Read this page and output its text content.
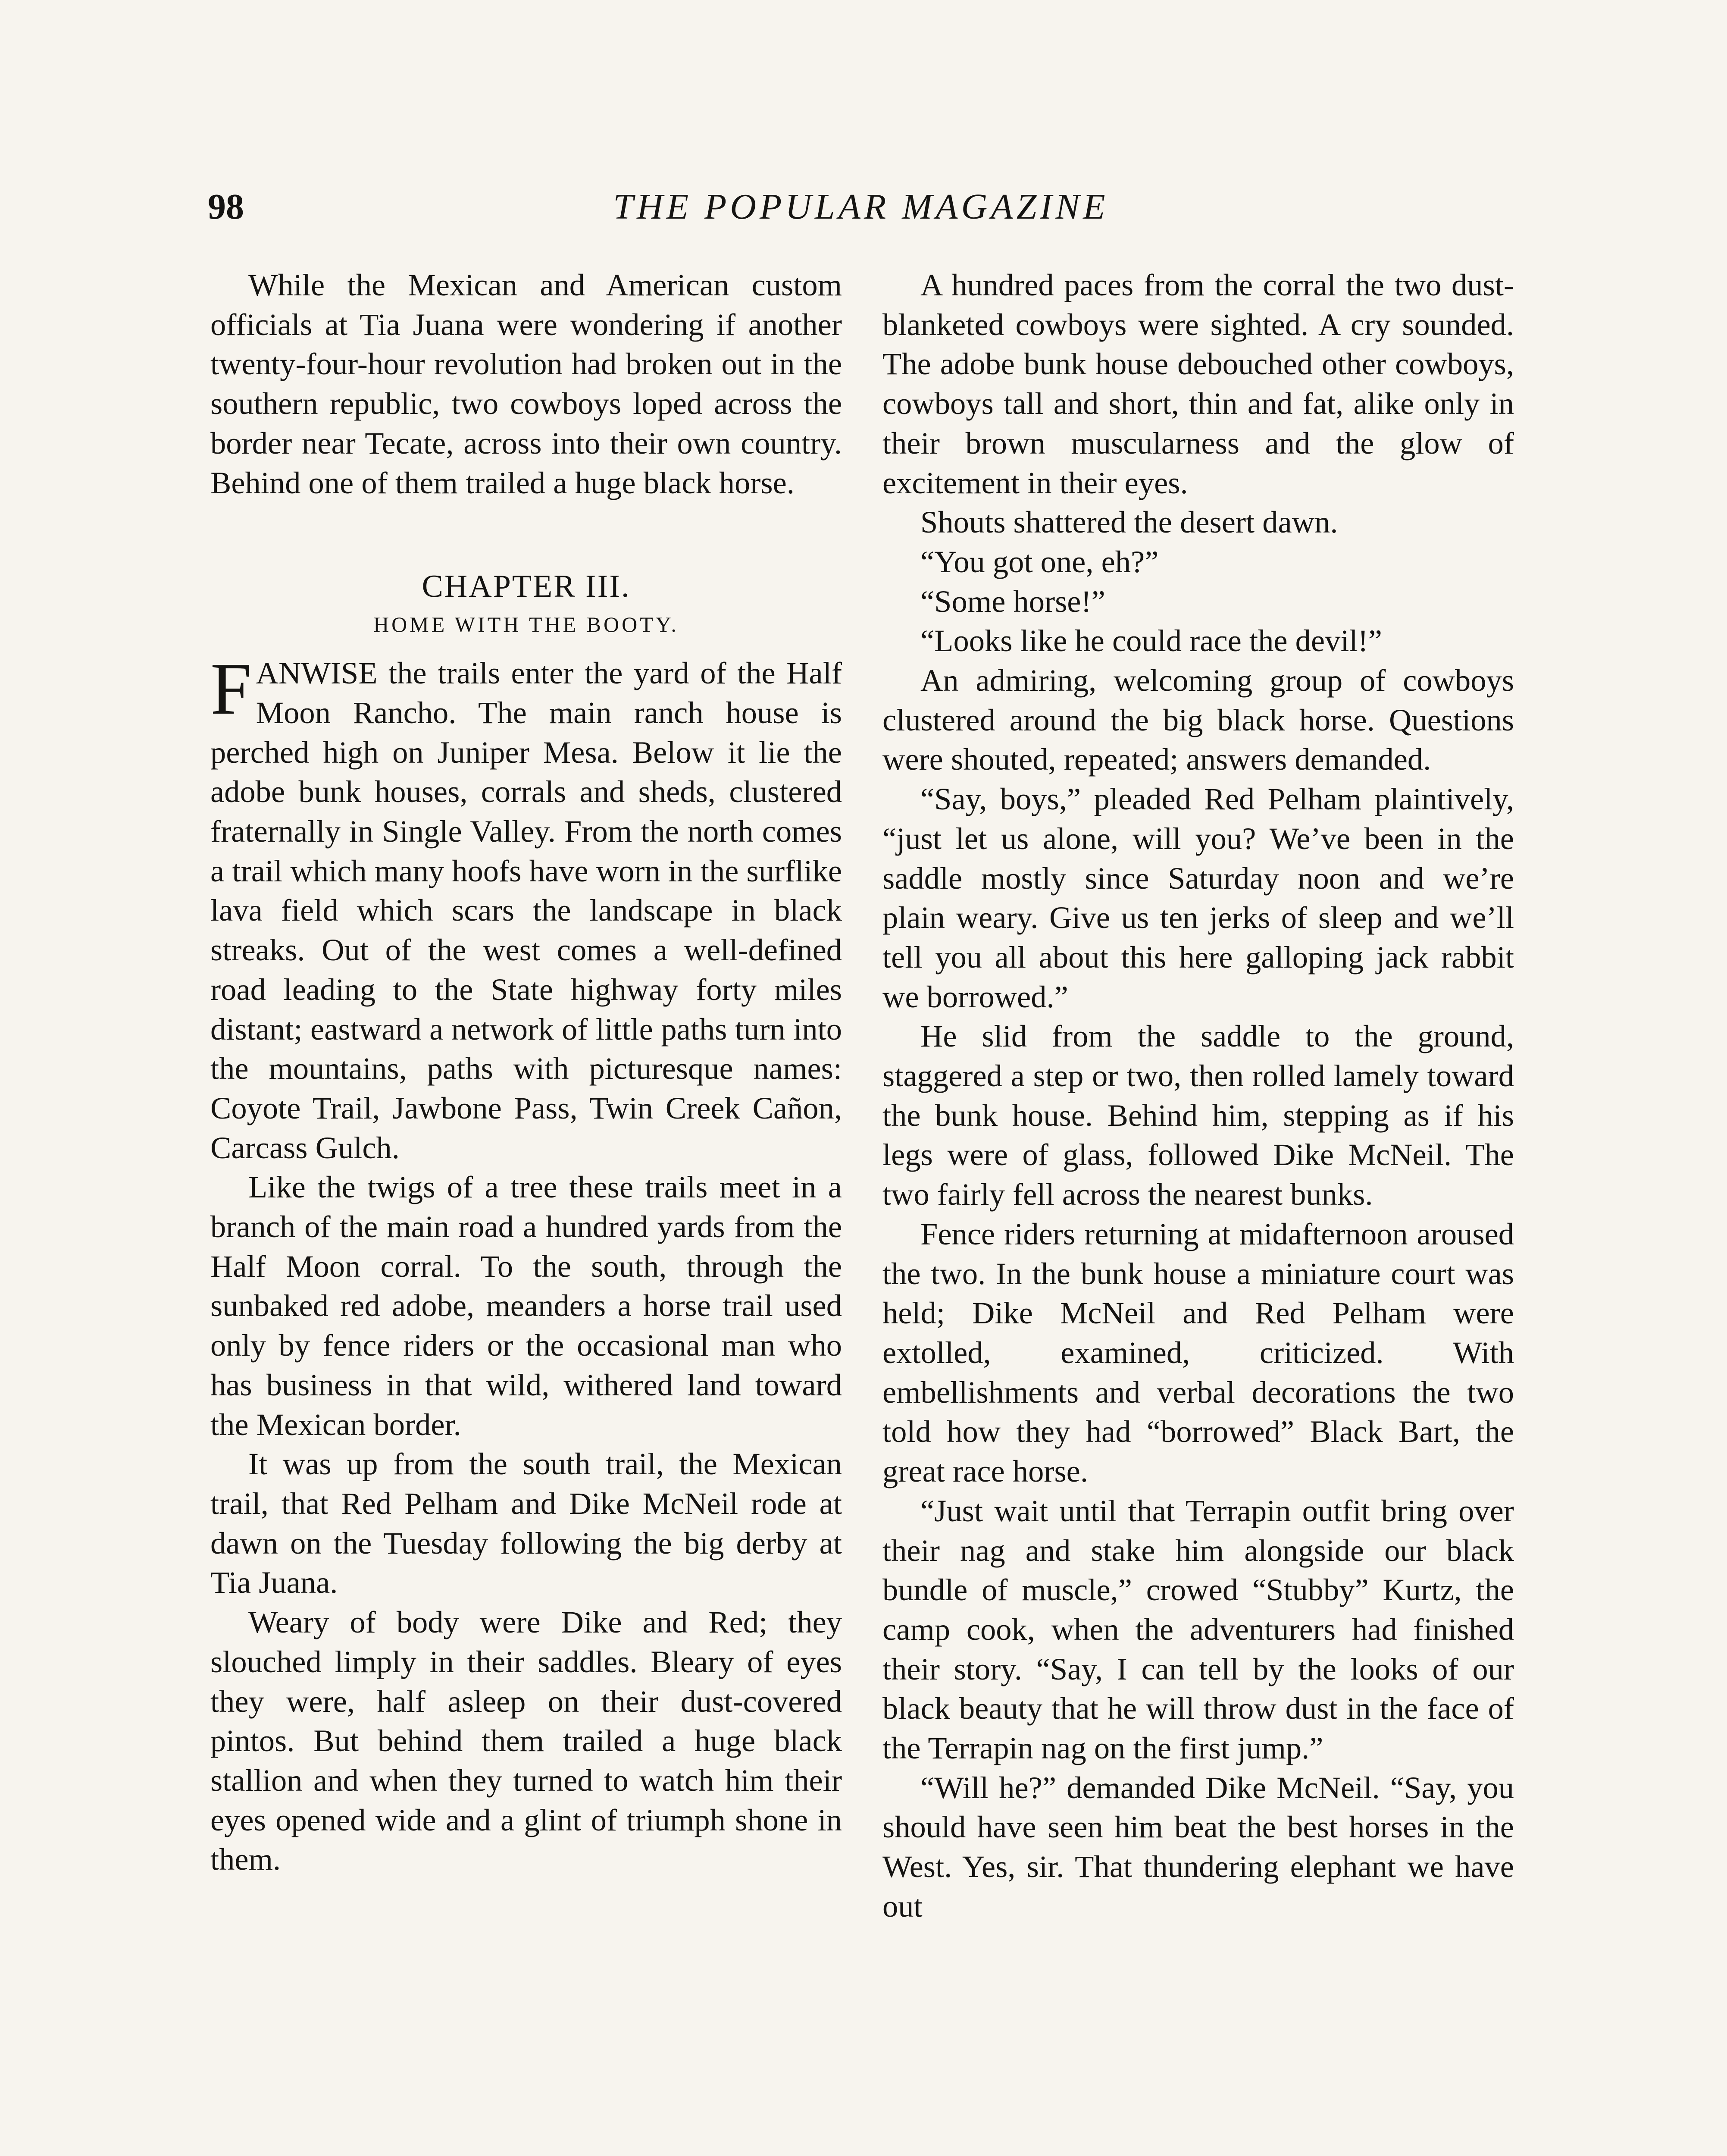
98	THE POPULAR MAGAZINE

While the Mexican and American custom officials at Tia Juana were wondering if another twenty-four-hour revolution had broken out in the southern republic, two cowboys loped across the border near Tecate, across into their own country. Behind one of them trailed a huge black horse.

CHAPTER III.
HOME WITH THE BOOTY.

FANWISE the trails enter the yard of the Half Moon Rancho. The main ranch house is perched high on Juniper Mesa. Below it lie the adobe bunk houses, corrals and sheds, clustered fraternally in Single Valley. From the north comes a trail which many hoofs have worn in the surflike lava field which scars the landscape in black streaks. Out of the west comes a well-defined road leading to the State highway forty miles distant; eastward a network of little paths turn into the mountains, paths with picturesque names: Coyote Trail, Jawbone Pass, Twin Creek Cañon, Carcass Gulch.

Like the twigs of a tree these trails meet in a branch of the main road a hundred yards from the Half Moon corral. To the south, through the sunbaked red adobe, meanders a horse trail used only by fence riders or the occasional man who has business in that wild, withered land toward the Mexican border.

It was up from the south trail, the Mexican trail, that Red Pelham and Dike McNeil rode at dawn on the Tuesday following the big derby at Tia Juana.

Weary of body were Dike and Red; they slouched limply in their saddles. Bleary of eyes they were, half asleep on their dust-covered pintos. But behind them trailed a huge black stallion and when they turned to watch him their eyes opened wide and a glint of triumph shone in them.

A hundred paces from the corral the two dust-blanketed cowboys were sighted. A cry sounded. The adobe bunk house debouched other cowboys, cowboys tall and short, thin and fat, alike only in their brown muscularness and the glow of excitement in their eyes.

Shouts shattered the desert dawn.

“You got one, eh?”

“Some horse!”

“Looks like he could race the devil!”

An admiring, welcoming group of cowboys clustered around the big black horse. Questions were shouted, repeated; answers demanded.

“Say, boys,” pleaded Red Pelham plaintively, “just let us alone, will you? We’ve been in the saddle mostly since Saturday noon and we’re plain weary. Give us ten jerks of sleep and we’ll tell you all about this here galloping jack rabbit we borrowed.”

He slid from the saddle to the ground, staggered a step or two, then rolled lamely toward the bunk house. Behind him, stepping as if his legs were of glass, followed Dike McNeil. The two fairly fell across the nearest bunks.

Fence riders returning at midafternoon aroused the two. In the bunk house a miniature court was held; Dike McNeil and Red Pelham were extolled, examined, criticized. With embellishments and verbal decorations the two told how they had “borrowed” Black Bart, the great race horse.

“Just wait until that Terrapin outfit bring over their nag and stake him alongside our black bundle of muscle,” crowed “Stubby” Kurtz, the camp cook, when the adventurers had finished their story. “Say, I can tell by the looks of our black beauty that he will throw dust in the face of the Terrapin nag on the first jump.”

“Will he?” demanded Dike McNeil. “Say, you should have seen him beat the best horses in the West. Yes, sir. That thundering elephant we have out
